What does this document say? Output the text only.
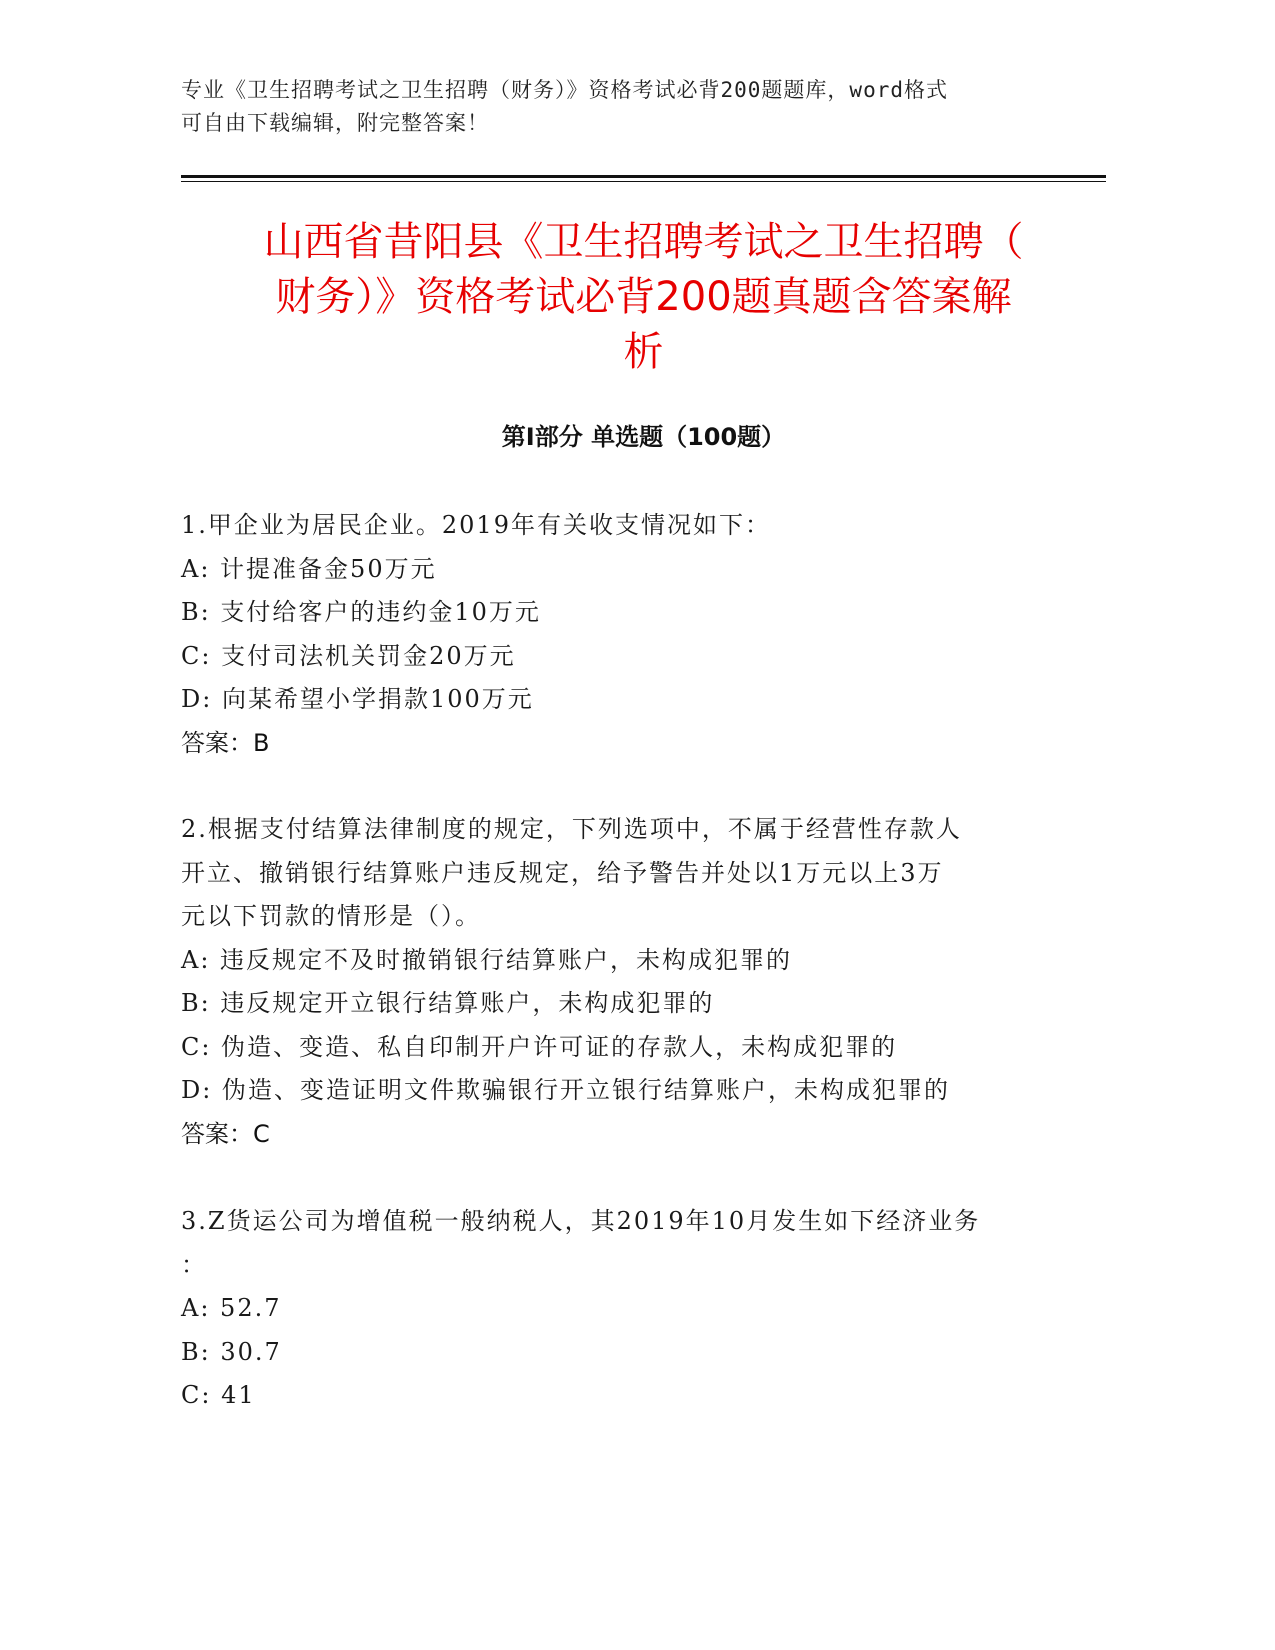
专业《卫生招聘考试之卫生招聘（财务）》资格考试必背200题题库，word格式
可自由下载编辑，附完整答案！
山西省昔阳县《卫生招聘考试之卫生招聘（
财务）》资格考试必背200题真题含答案解
析
第Ⅰ部分 单选题（100题）

1.甲企业为居民企业。2019年有关收支情况如下：

A: 计提准备金50万元

B: 支付给客户的违约金10万元

C: 支付司法机关罚金20万元

D: 向某希望小学捐款100万元

答案：B

2.根据支付结算法律制度的规定，下列选项中，不属于经营性存款人

开立、撤销银行结算账户违反规定，给予警告并处以1万元以上3万

元以下罚款的情形是（）。

A: 违反规定不及时撤销银行结算账户，未构成犯罪的

B: 违反规定开立银行结算账户，未构成犯罪的

C: 伪造、变造、私自印制开户许可证的存款人，未构成犯罪的

D: 伪造、变造证明文件欺骗银行开立银行结算账户，未构成犯罪的

答案：C

3.Z货运公司为增值税一般纳税人，其2019年10月发生如下经济业务

：

A: 52.7

B: 30.7

C: 41
